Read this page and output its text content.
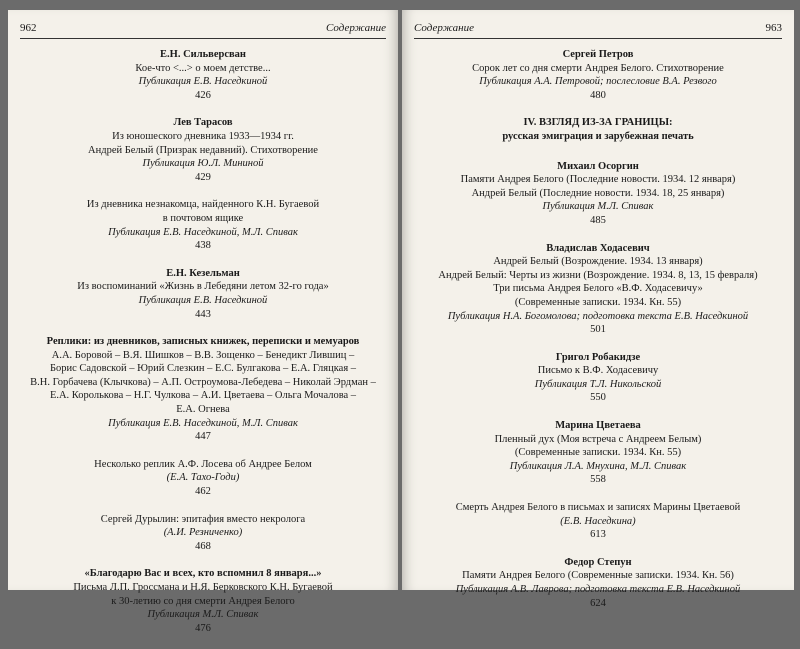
962	Содержание
Е.Н. Сильверсван
Кое-что <...> о моем детстве...
Публикация Е.В. Наседкиной
426
Лев Тарасов
Из юношеского дневника 1933—1934 гг.
Андрей Белый (Призрак недавний). Стихотворение
Публикация Ю.Л. Мининой
429
Из дневника незнакомца, найденного К.Н. Бугаевой
в почтовом ящике
Публикация Е.В. Наседкиной, М.Л. Спивак
438
Е.Н. Кезельман
Из воспоминаний «Жизнь в Лебедяни летом 32-го года»
Публикация Е.В. Наседкиной
443
Реплики: из дневников, записных книжек, переписки и мемуаров
А.А. Боровой – В.Я. Шишков – В.В. Зощенко – Бенедикт Лившиц –
Борис Садовской – Юрий Слезкин – Е.С. Булгакова – Е.А. Гляцкая –
В.Н. Горбачева (Клычкова) – А.П. Остроумова-Лебедева – Николай Эрдман –
Е.А. Королькова – Н.Г. Чулкова – А.И. Цветаева – Ольга Мочалова –
Е.А. Огнева
Публикация Е.В. Наседкиной, М.Л. Спивак
447
Несколько реплик А.Ф. Лосева об Андрее Белом
(Е.А. Тахо-Годи)
462
Сергей Дурылин: эпитафия вместо некролога
(А.И. Резниченко)
468
«Благодарю Вас и всех, кто вспомнил 8 января...»
Письма Л.П. Гроссмана и Н.Я. Берковского К.Н. Бугаевой
к 30-летию со дня смерти Андрея Белого
Публикация М.Л. Спивак
476
Содержание	963
Сергей Петров
Сорок лет со дня смерти Андрея Белого. Стихотворение
Публикация А.А. Петровой; послесловие В.А. Резвого
480
IV. ВЗГЛЯД ИЗ-ЗА ГРАНИЦЫ:
русская эмиграция и зарубежная печать
Михаил Осоргин
Памяти Андрея Белого (Последние новости. 1934. 12 января)
Андрей Белый (Последние новости. 1934. 18, 25 января)
Публикация М.Л. Спивак
485
Владислав Ходасевич
Андрей Белый (Возрождение. 1934. 13 января)
Андрей Белый: Черты из жизни (Возрождение. 1934. 8, 13, 15 февраля)
Три письма Андрея Белого «В.Ф. Ходасевичу»
(Современные записки. 1934. Кн. 55)
Публикация Н.А. Богомолова; подготовка текста Е.В. Наседкиной
501
Григол Робакидзе
Письмо к В.Ф. Ходасевичу
Публикация Т.Л. Никольской
550
Марина Цветаева
Пленный дух (Моя встреча с Андреем Белым)
(Современные записки. 1934. Кн. 55)
Публикация Л.А. Мнухина, М.Л. Спивак
558
Смерть Андрея Белого в письмах и записях Марины Цветаевой
(Е.В. Наседкина)
613
Федор Степун
Памяти Андрея Белого (Современные записки. 1934. Кн. 56)
Публикация А.В. Лаврова; подготовка текста Е.В. Наседкиной
624
